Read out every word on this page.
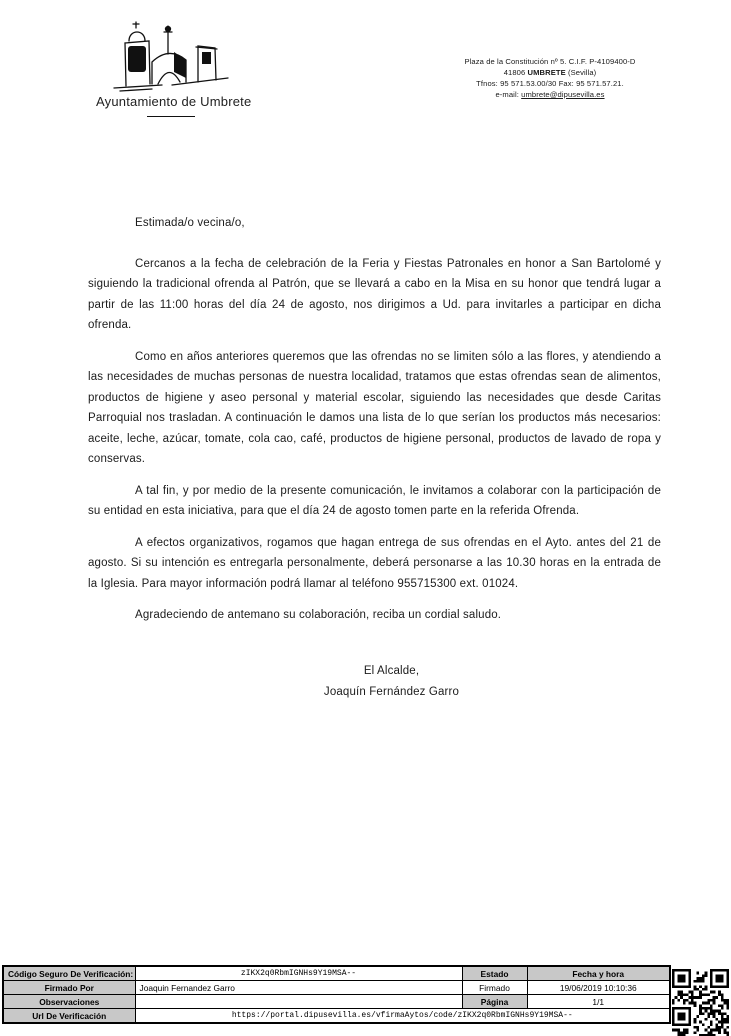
Ayuntamiento de Umbrete
Plaza de la Constitución nº 5. C.I.F. P-4109400-D
41806 UMBRETE (Sevilla)
Tfnos: 95 571.53.00/30 Fax: 95 571.57.21.
e-mail: umbrete@dipusevilla.es

Estimada/o vecina/o,

Cercanos a la fecha de celebración de la Feria y Fiestas Patronales en honor a San Bartolomé y siguiendo la tradicional ofrenda al Patrón, que se llevará a cabo en la Misa en su honor que tendrá lugar a partir de las 11:00 horas del día 24 de agosto, nos dirigimos a Ud. para invitarles a participar en dicha ofrenda.

Como en años anteriores queremos que las ofrendas no se limiten sólo a las flores, y atendiendo a las necesidades de muchas personas de nuestra localidad, tratamos que estas ofrendas sean de alimentos, productos de higiene y aseo personal y material escolar, siguiendo las necesidades que desde Caritas Parroquial nos trasladan. A continuación le damos una lista de lo que serían los productos más necesarios: aceite, leche, azúcar, tomate, cola cao, café, productos de higiene personal, productos de lavado de ropa y conservas.

A tal fin, y por medio de la presente comunicación, le invitamos a colaborar con la participación de su entidad en esta iniciativa, para que el día 24 de agosto tomen parte en la referida Ofrenda.

A efectos organizativos, rogamos que hagan entrega de sus ofrendas en el Ayto. antes del 21 de agosto. Si su intención es entregarla personalmente, deberá personarse a las 10.30 horas en la entrada de la Iglesia. Para mayor información podrá llamar al teléfono 955715300 ext. 01024.

Agradeciendo de antemano su colaboración, reciba un cordial saludo.

El Alcalde,
Joaquín Fernández Garro
Código Seguro De Verificación:	zIKX2q0RbmIGNHs9Y19MSA--	Estado	Fecha y hora
Firmado Por	Joaquin Fernandez Garro	Firmado	19/06/2019 10:10:36
Observaciones		Página	1/1
Url De Verificación	https://portal.dipusevilla.es/vfirmaAytos/code/zIKX2q0RbmIGNHs9Y19MSA--		
